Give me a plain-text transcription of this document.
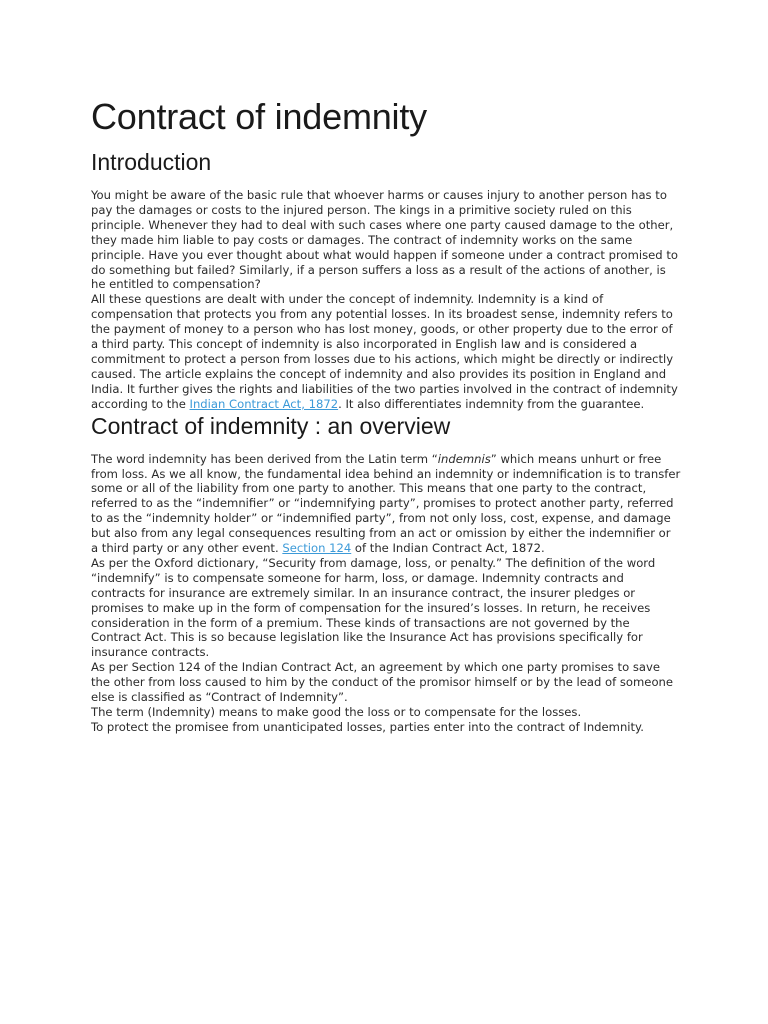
Contract of indemnity
Introduction

You might be aware of the basic rule that whoever harms or causes injury to another person has to pay the damages or costs to the injured person. The kings in a primitive society ruled on this principle. Whenever they had to deal with such cases where one party caused damage to the other, they made him liable to pay costs or damages. The contract of indemnity works on the same principle. Have you ever thought about what would happen if someone under a contract promised to do something but failed? Similarly, if a person suffers a loss as a result of the actions of another, is he entitled to compensation?

All these questions are dealt with under the concept of indemnity. Indemnity is a kind of compensation that protects you from any potential losses. In its broadest sense, indemnity refers to the payment of money to a person who has lost money, goods, or other property due to the error of a third party. This concept of indemnity is also incorporated in English law and is considered a commitment to protect a person from losses due to his actions, which might be directly or indirectly caused. The article explains the concept of indemnity and also provides its position in England and India. It further gives the rights and liabilities of the two parties involved in the contract of indemnity according to the Indian Contract Act, 1872. It also differentiates indemnity from the guarantee.

Contract of indemnity : an overview

The word indemnity has been derived from the Latin term “indemnis” which means unhurt or free from loss. As we all know, the fundamental idea behind an indemnity or indemnification is to transfer some or all of the liability from one party to another. This means that one party to the contract, referred to as the “indemnifier” or “indemnifying party”, promises to protect another party, referred to as the “indemnity holder” or “indemnified party”, from not only loss, cost, expense, and damage but also from any legal consequences resulting from an act or omission by either the indemnifier or a third party or any other event. Section 124 of the Indian Contract Act, 1872.

As per the Oxford dictionary, “Security from damage, loss, or penalty.” The definition of the word “indemnify” is to compensate someone for harm, loss, or damage. Indemnity contracts and contracts for insurance are extremely similar. In an insurance contract, the insurer pledges or promises to make up in the form of compensation for the insured’s losses. In return, he receives consideration in the form of a premium. These kinds of transactions are not governed by the Contract Act. This is so because legislation like the Insurance Act has provisions specifically for insurance contracts.

As per Section 124 of the Indian Contract Act, an agreement by which one party promises to save the other from loss caused to him by the conduct of the promisor himself or by the lead of someone else is classified as “Contract of Indemnity”.

The term (Indemnity) means to make good the loss or to compensate for the losses.

To protect the promisee from unanticipated losses, parties enter into the contract of Indemnity.
